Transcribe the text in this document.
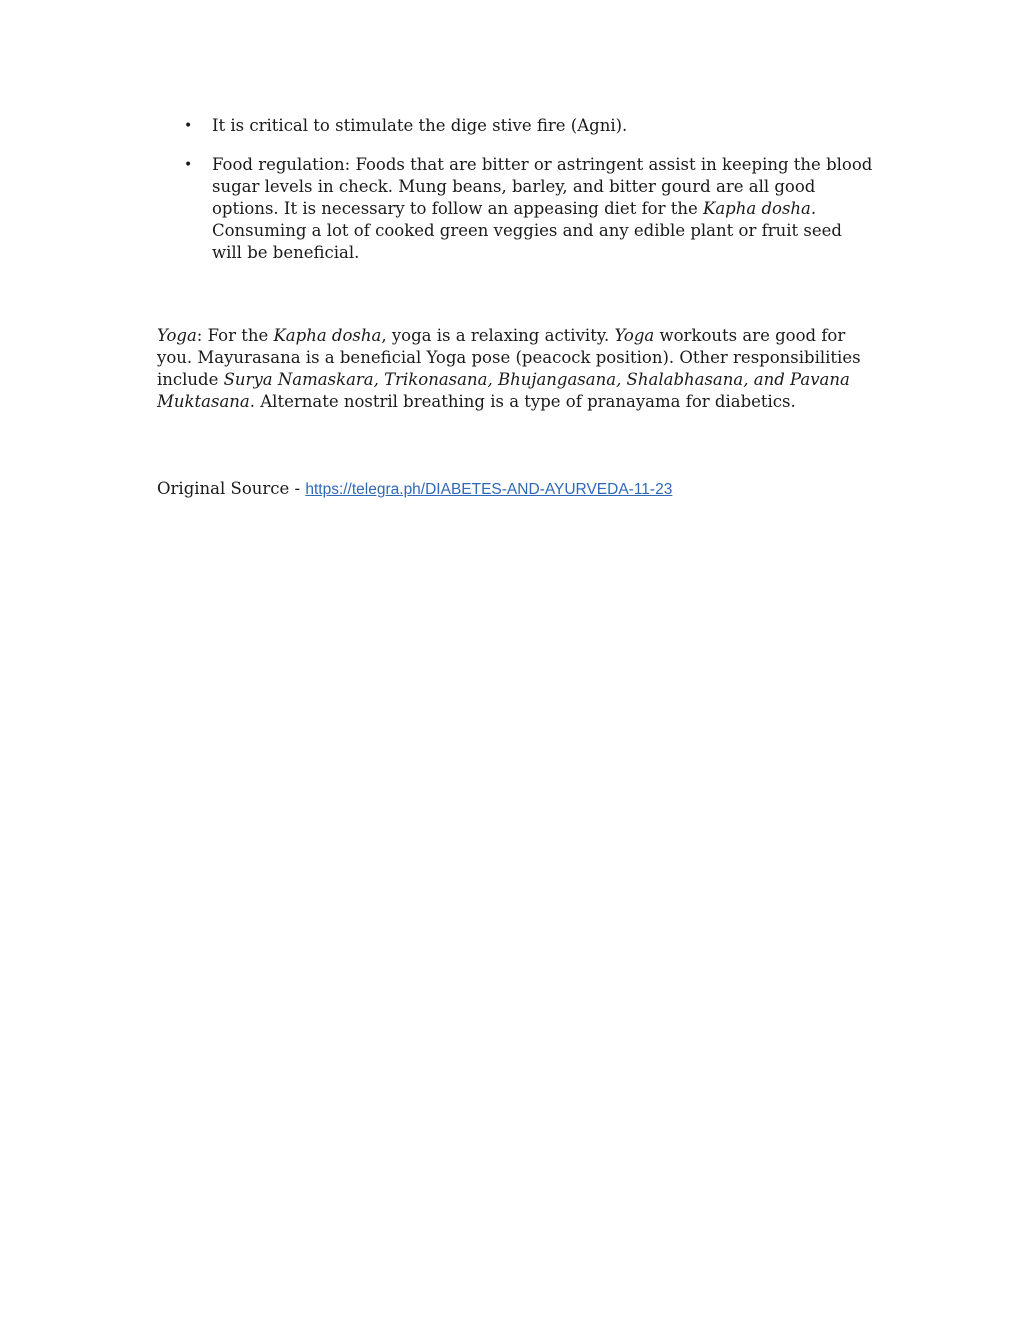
• It is critical to stimulate the dige stive fire (Agni).
• Food regulation: Foods that are bitter or astringent assist in keeping the blood sugar levels in check. Mung beans, barley, and bitter gourd are all good options. It is necessary to follow an appeasing diet for the Kapha dosha. Consuming a lot of cooked green veggies and any edible plant or fruit seed will be beneficial.

Yoga: For the Kapha dosha, yoga is a relaxing activity. Yoga workouts are good for you. Mayurasana is a beneficial Yoga pose (peacock position). Other responsibilities include Surya Namaskara, Trikonasana, Bhujangasana, Shalabhasana, and Pavana Muktasana. Alternate nostril breathing is a type of pranayama for diabetics.

Original Source - https://telegra.ph/DIABETES-AND-AYURVEDA-11-23
